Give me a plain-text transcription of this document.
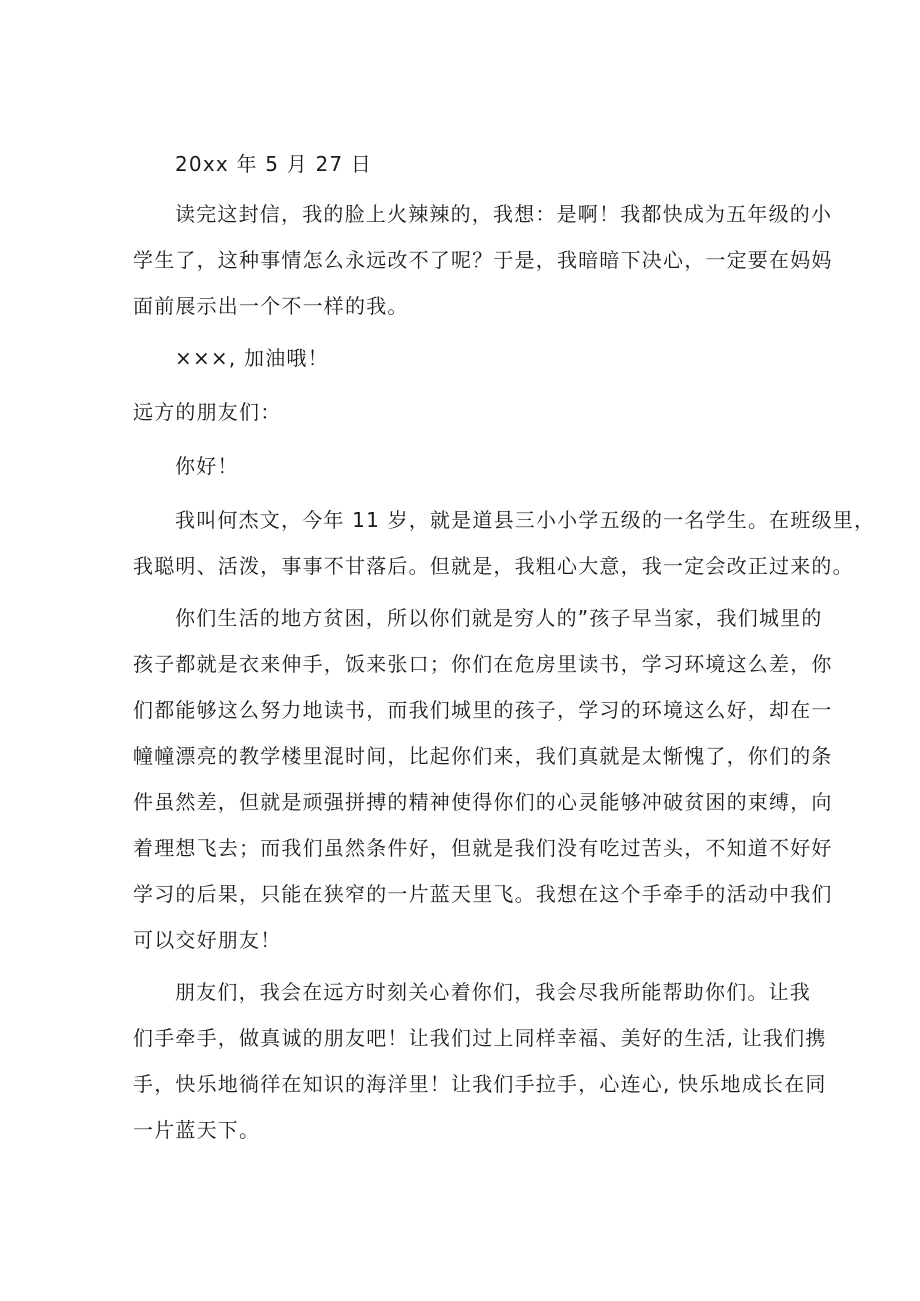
20xx 年 5 月 27 日
读完这封信，我的脸上火辣辣的，我想：是啊！我都快成为五年级的小
学生了，这种事情怎么永远改不了呢？于是，我暗暗下决心，一定要在妈妈
面前展示出一个不一样的我。
×××, 加油哦！
远方的朋友们：
你好！
我叫何杰文，今年 11 岁，就是道县三小小学五级的一名学生。在班级里，
我聪明、活泼，事事不甘落后。但就是，我粗心大意，我一定会改正过来的。
你们生活的地方贫困，所以你们就是穷人的”孩子早当家，我们城里的
孩子都就是衣来伸手，饭来张口；你们在危房里读书，学习环境这么差，你
们都能够这么努力地读书，而我们城里的孩子，学习的环境这么好，却在一
幢幢漂亮的教学楼里混时间，比起你们来，我们真就是太惭愧了，你们的条
件虽然差，但就是顽强拼搏的精神使得你们的心灵能够冲破贫困的束缚，向
着理想飞去；而我们虽然条件好，但就是我们没有吃过苦头，不知道不好好
学习的后果，只能在狭窄的一片蓝天里飞。我想在这个手牵手的活动中我们
可以交好朋友！
朋友们，我会在远方时刻关心着你们，我会尽我所能帮助你们。让我
们手牵手，做真诚的朋友吧！让我们过上同样幸福、美好的生活, 让我们携
手，快乐地徜徉在知识的海洋里！让我们手拉手，心连心, 快乐地成长在同
一片蓝天下。
